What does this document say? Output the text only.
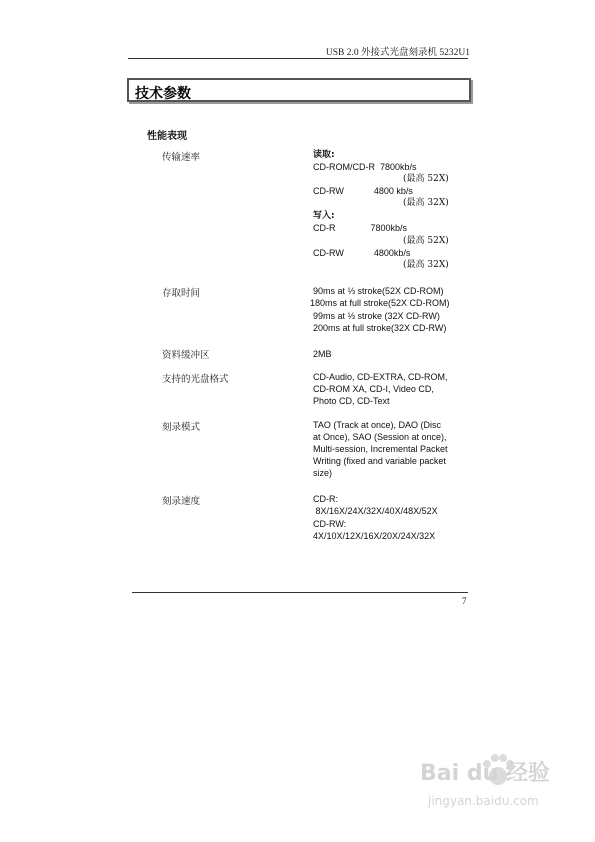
USB 2.0 外接式光盘刻录机 5232U1
技术参数
性能表现
传输速率	读取:
CD-ROM/CD-R  7800kb/s
(最高 52X)
CD-RW            4800 kb/s
(最高 32X)
写入:
CD-R              7800kb/s
(最高 52X)
CD-RW            4800kb/s
(最高 32X)
存取时间	90ms at ⅓ stroke(52X CD-ROM)
180ms at full stroke(52X CD-ROM)
99ms at ⅓ stroke (32X CD-RW)
200ms at full stroke(32X CD-RW)
资料缓冲区	2MB
支持的光盘格式	CD-Audio, CD-EXTRA, CD-ROM,
CD-ROM XA, CD-I, Video CD,
Photo CD, CD-Text
刻录模式	TAO (Track at once), DAO (Disc
at Once), SAO (Session at once),
Multi-session, Incremental Packet
Writing (fixed and variable packet
size)
刻录速度	CD-R:
8X/16X/24X/32X/40X/48X/52X
CD-RW:
4X/10X/12X/16X/20X/24X/32X
7
Bai du 经验
jingyan.baidu.com
